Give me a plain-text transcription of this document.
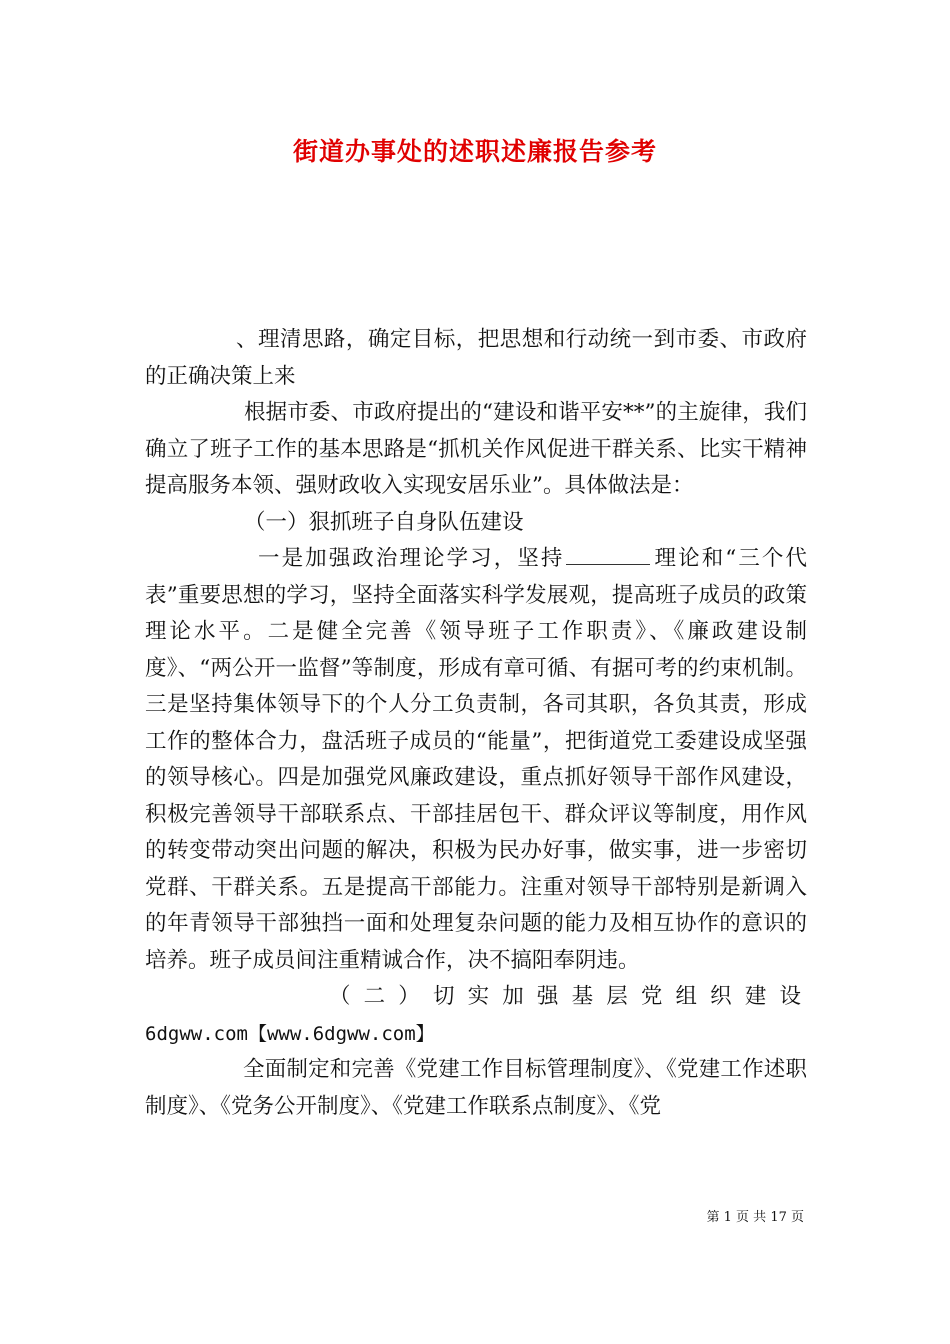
街道办事处的述职述廉报告参考

、理清思路，确定目标，把思想和行动统一到市委、市政府的正确决策上来

根据市委、市政府提出的“建设和谐平安**”的主旋律，我们确立了班子工作的基本思路是“抓机关作风促进干群关系、比实干精神提高服务本领、强财政收入实现安居乐业”。具体做法是：

（一）狠抓班子自身队伍建设

一是加强政治理论学习，坚持	理论和“三个代表”重要思想的学习，坚持全面落实科学发展观，提高班子成员的政策理论水平。二是健全完善《领导班子工作职责》、《廉政建设制度》、“两公开一监督”等制度，形成有章可循、有据可考的约束机制。三是坚持集体领导下的个人分工负责制，各司其职，各负其责，形成工作的整体合力，盘活班子成员的“能量”，把街道党工委建设成坚强的领导核心。四是加强党风廉政建设，重点抓好领导干部作风建设，积极完善领导干部联系点、干部挂居包干、群众评议等制度，用作风的转变带动突出问题的解决，积极为民办好事，做实事，进一步密切党群、干群关系。五是提高干部能力。注重对领导干部特别是新调入的年青领导干部独挡一面和处理复杂问题的能力及相互协作的意识的培养。班子成员间注重精诚合作，决不搞阳奉阴违。

（二）切实加强基层党组织建设

6dgww.com【www.6dgww.com】

全面制定和完善《党建工作目标管理制度》、《党建工作述职制度》、《党务公开制度》、《党建工作联系点制度》、《党

第 1 页 共 17 页
